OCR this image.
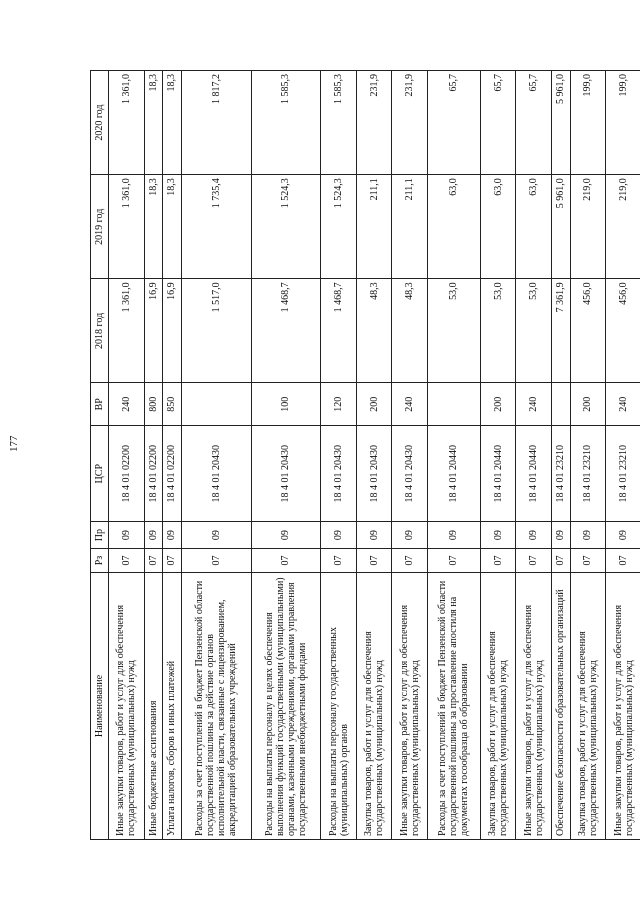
177
Наименование	Рз	Пр	ЦСР	ВР	2018 год	2019 год	2020 год
Иные закупки товаров, работ и услуг для обеспечения государственных (муниципальных) нужд	07	09	18 4 01 02200	240	1 361,0	1 361,0	1 361,0
Иные бюджетные ассигнования	07	09	18 4 01 02200	800	16,9	18,3	18,3
Уплата налогов, сборов и иных платежей	07	09	18 4 01 02200	850	16,9	18,3	18,3
Расходы за счет поступлений в бюджет Пензенской области государственной пошлины за действие органов исполнительной власти, связанные с лицензированием, аккредитацией образовательных учреждений	07	09	18 4 01 20430		1 517,0	1 735,4	1 817,2
Расходы на выплаты персоналу в целях обеспечения выполнения функций государственными (муниципальными) органами, казенными учреждениями, органами управления государственными внебюджетными фондами	07	09	18 4 01 20430	100	1 468,7	1 524,3	1 585,3
Расходы на выплаты персоналу государственных (муниципальных) органов	07	09	18 4 01 20430	120	1 468,7	1 524,3	1 585,3
Закупка товаров, работ и услуг для обеспечения государственных (муниципальных) нужд	07	09	18 4 01 20430	200	48,3	211,1	231,9
Иные закупки товаров, работ и услуг для обеспечения государственных (муниципальных) нужд	07	09	18 4 01 20430	240	48,3	211,1	231,9
Расходы за счет поступлений в бюджет Пензенской области государственной пошлины за проставление апостиля на документах госообразца об образовании	07	09	18 4 01 20440		53,0	63,0	65,7
Закупка товаров, работ и услуг для обеспечения государственных (муниципальных) нужд	07	09	18 4 01 20440	200	53,0	63,0	65,7
Иные закупки товаров, работ и услуг для обеспечения государственных (муниципальных) нужд	07	09	18 4 01 20440	240	53,0	63,0	65,7
Обеспечение безопасности образовательных организаций	07	09	18 4 01 23210		7 361,9	5 961,0	5 961,0
Закупка товаров, работ и услуг для обеспечения государственных (муниципальных) нужд	07	09	18 4 01 23210	200	456,0	219,0	199,0
Иные закупки товаров, работ и услуг для обеспечения государственных (муниципальных) нужд	07	09	18 4 01 23210	240	456,0	219,0	199,0
